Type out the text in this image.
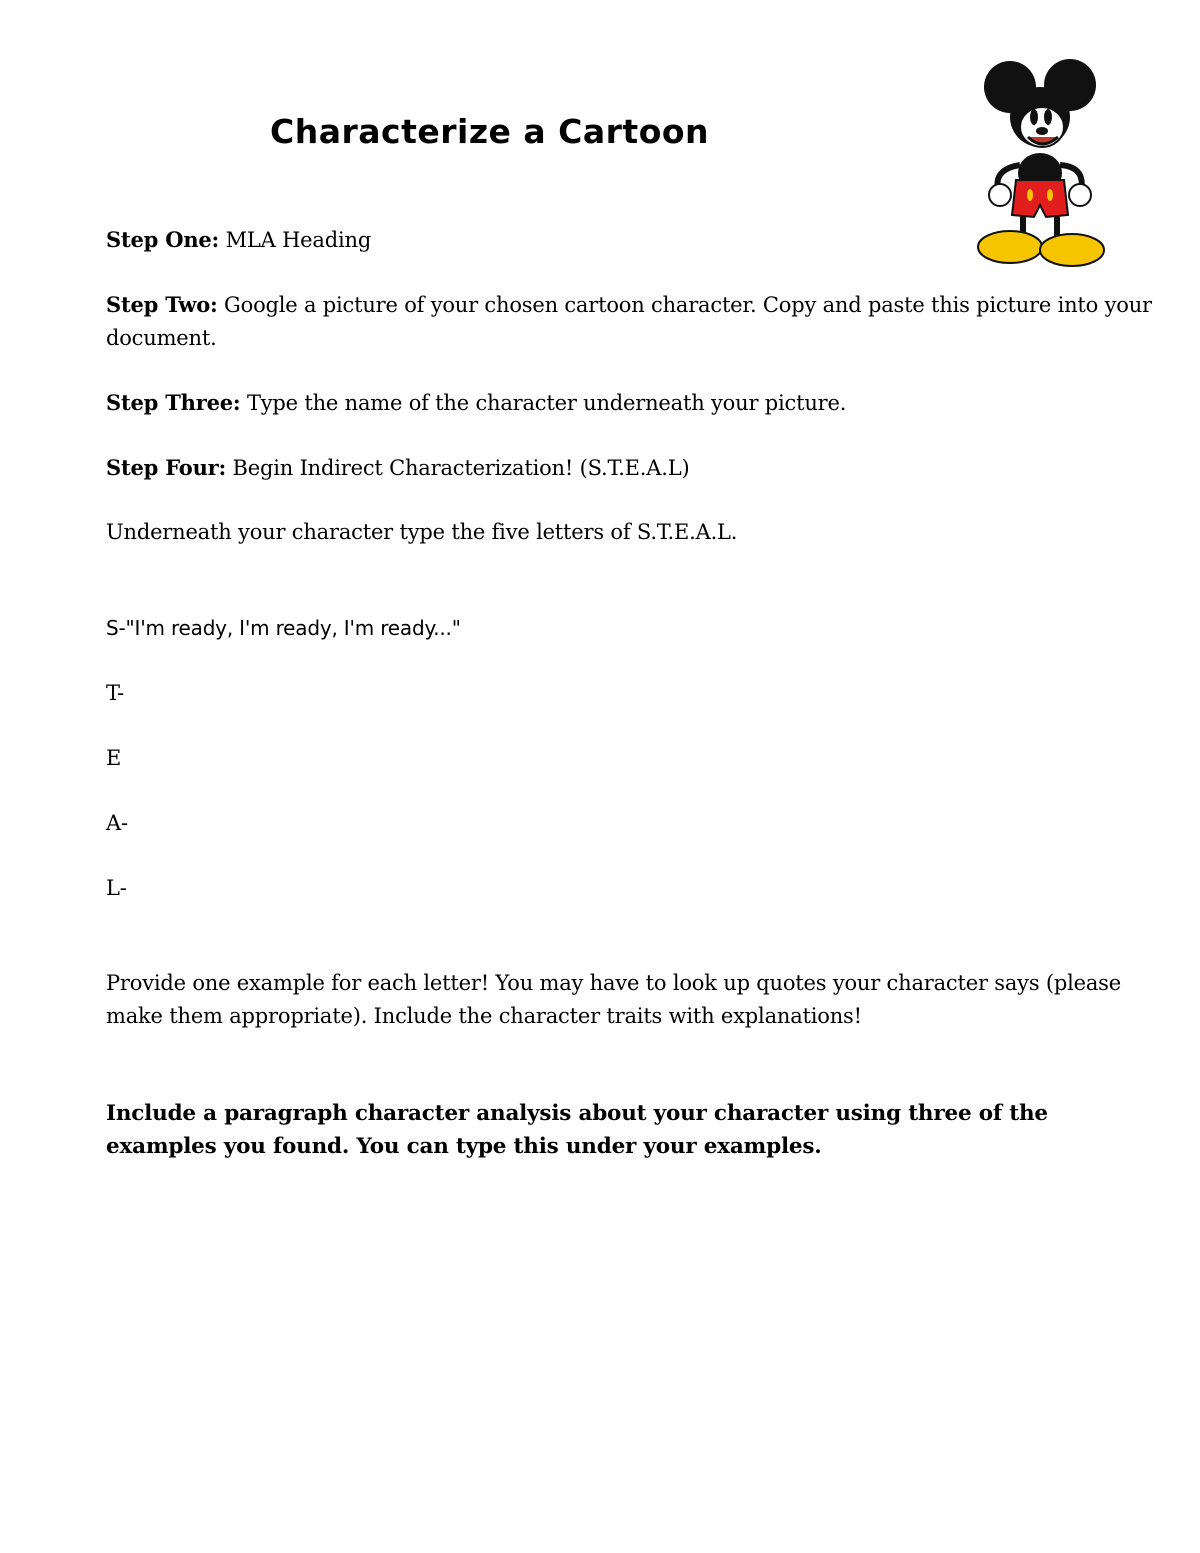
Characterize a Cartoon
Step One: MLA Heading
Step Two: Google a picture of your chosen cartoon character. Copy and paste this picture into your document.
Step Three: Type the name of the character underneath your picture.
Step Four: Begin Indirect Characterization! (S.T.E.A.L)
Underneath your character type the five letters of S.T.E.A.L.
S-"I'm ready, I'm ready, I'm ready..."
T-
E
A-
L-
Provide one example for each letter! You may have to look up quotes your character says (please make them appropriate). Include the character traits with explanations!
Include a paragraph character analysis about your character using three of the examples you found. You can type this under your examples.
